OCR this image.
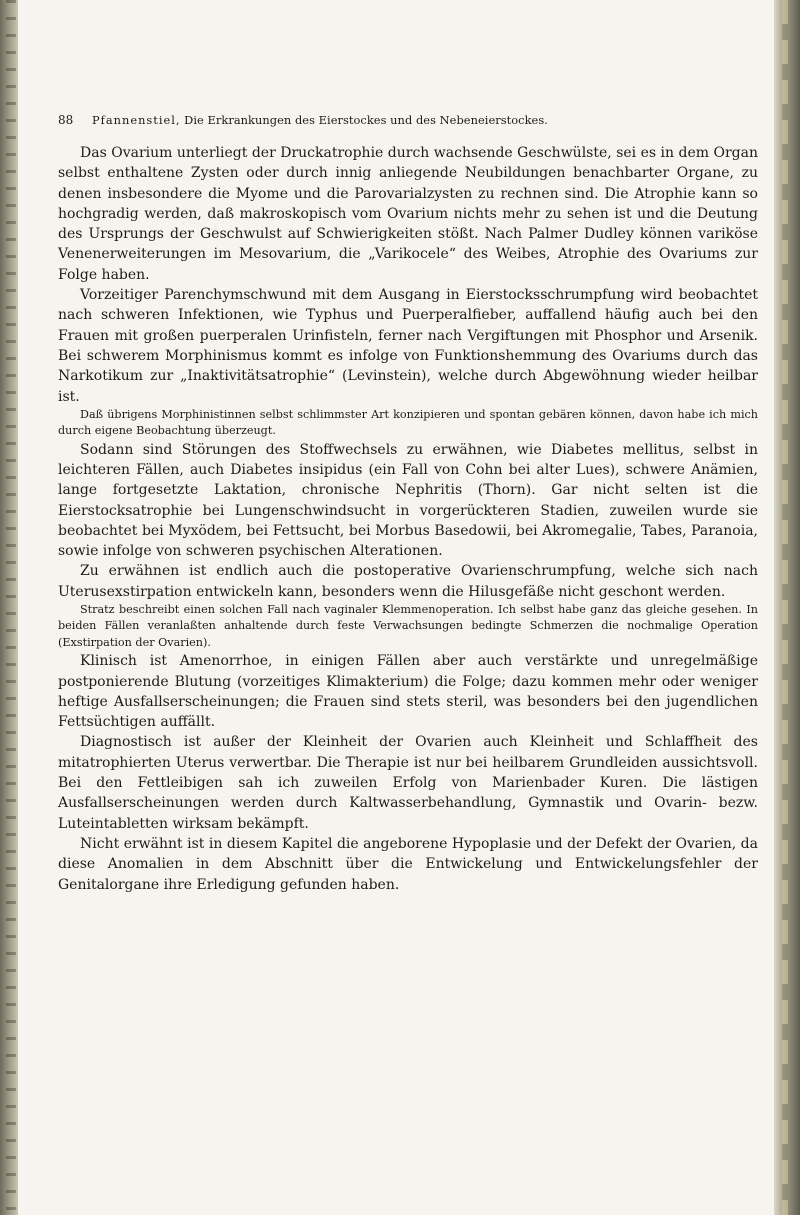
88 Pfannenstiel, Die Erkrankungen des Eierstockes und des Nebeneierstockes.

Das Ovarium unterliegt der Druckatrophie durch wachsende Geschwülste, sei es in dem Organ selbst enthaltene Zysten oder durch innig anliegende Neubildungen benachbarter Organe, zu denen insbesondere die Myome und die Parovarialzysten zu rechnen sind. Die Atrophie kann so hochgradig werden, daß makroskopisch vom Ovarium nichts mehr zu sehen ist und die Deutung des Ursprungs der Geschwulst auf Schwierigkeiten stößt. Nach Palmer Dudley können variköse Venenerweiterungen im Mesovarium, die „Varikocele“ des Weibes, Atrophie des Ovariums zur Folge haben.

Vorzeitiger Parenchymschwund mit dem Ausgang in Eierstocksschrumpfung wird beobachtet nach schweren Infektionen, wie Typhus und Puerperalfieber, auffallend häufig auch bei den Frauen mit großen puerperalen Urinfisteln, ferner nach Vergiftungen mit Phosphor und Arsenik. Bei schwerem Morphinismus kommt es infolge von Funktionshemmung des Ovariums durch das Narkotikum zur „Inaktivitätsatrophie“ (Levinstein), welche durch Abgewöhnung wieder heilbar ist.

Daß übrigens Morphinistinnen selbst schlimmster Art konzipieren und spontan gebären können, davon habe ich mich durch eigene Beobachtung überzeugt.

Sodann sind Störungen des Stoffwechsels zu erwähnen, wie Diabetes mellitus, selbst in leichteren Fällen, auch Diabetes insipidus (ein Fall von Cohn bei alter Lues), schwere Anämien, lange fortgesetzte Laktation, chronische Nephritis (Thorn). Gar nicht selten ist die Eierstocksatrophie bei Lungenschwindsucht in vorgerückteren Stadien, zuweilen wurde sie beobachtet bei Myxödem, bei Fettsucht, bei Morbus Basedowii, bei Akromegalie, Tabes, Paranoia, sowie infolge von schweren psychischen Alterationen.

Zu erwähnen ist endlich auch die postoperative Ovarienschrumpfung, welche sich nach Uterusexstirpation entwickeln kann, besonders wenn die Hilusgefäße nicht geschont werden.

Stratz beschreibt einen solchen Fall nach vaginaler Klemmenoperation. Ich selbst habe ganz das gleiche gesehen. In beiden Fällen veranlaßten anhaltende durch feste Verwachsungen bedingte Schmerzen die nochmalige Operation (Exstirpation der Ovarien).

Klinisch ist Amenorrhoe, in einigen Fällen aber auch verstärkte und unregelmäßige postponierende Blutung (vorzeitiges Klimakterium) die Folge; dazu kommen mehr oder weniger heftige Ausfallserscheinungen; die Frauen sind stets steril, was besonders bei den jugendlichen Fettsüchtigen auffällt.

Diagnostisch ist außer der Kleinheit der Ovarien auch Kleinheit und Schlaffheit des mitatrophierten Uterus verwertbar. Die Therapie ist nur bei heilbarem Grundleiden aussichtsvoll. Bei den Fettleibigen sah ich zuweilen Erfolg von Marienbader Kuren. Die lästigen Ausfallserscheinungen werden durch Kaltwasserbehandlung, Gymnastik und Ovarin- bezw. Luteintabletten wirksam bekämpft.

Nicht erwähnt ist in diesem Kapitel die angeborene Hypoplasie und der Defekt der Ovarien, da diese Anomalien in dem Abschnitt über die Entwickelung und Entwickelungsfehler der Genitalorgane ihre Erledigung gefunden haben.
